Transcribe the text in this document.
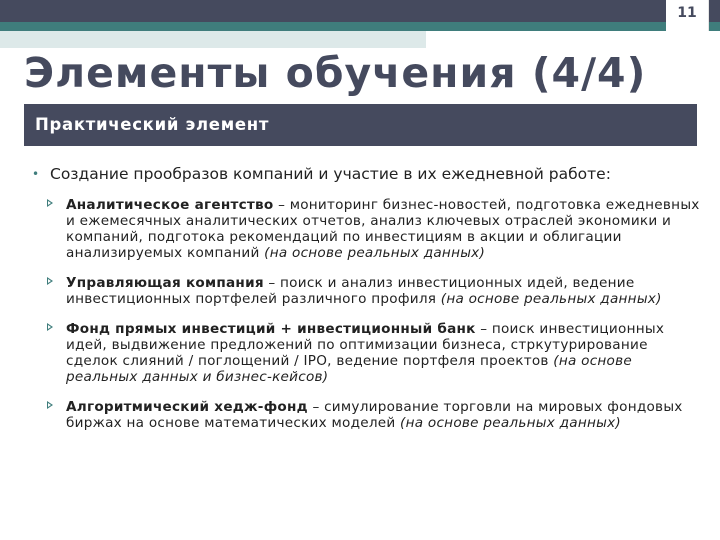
11
Элементы обучения (4/4)
Практический элемент
• Создание прообразов компаний и участие в их ежедневной работе:
Аналитическое агентство – мониторинг бизнес-новостей, подготовка ежедневных и ежемесячных аналитических отчетов, анализ ключевых отраслей экономики и компаний, подготока рекомендаций по инвестициям в акции и облигации анализируемых компаний (на основе реальных данных)
Управляющая компания – поиск и анализ инвестиционных идей, ведение инвестиционных портфелей различного профиля (на основе реальных данных)
Фонд прямых инвестиций + инвестиционный банк – поиск инвестиционных идей, выдвижение предложений по оптимизации бизнеса, стркутурирование сделок слияний / поглощений / IPO, ведение портфеля проектов (на основе реальных данных и бизнес-кейсов)
Алгоритмический хедж-фонд – симулирование торговли на мировых фондовых биржах на основе математических моделей (на основе реальных данных)
